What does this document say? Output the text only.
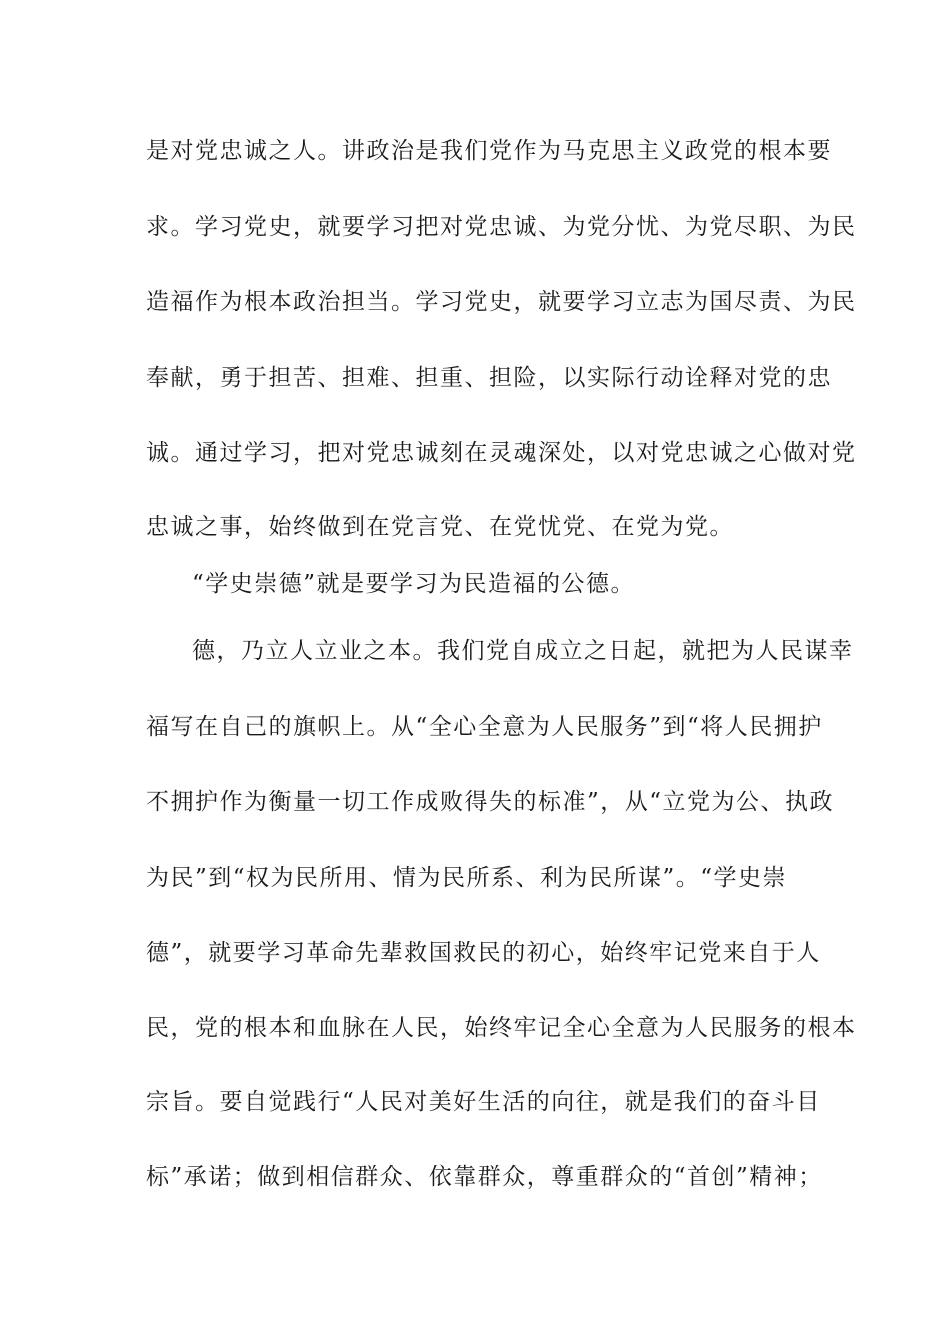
是对党忠诚之人。讲政治是我们党作为马克思主义政党的根本要
求。学习党史，就要学习把对党忠诚、为党分忧、为党尽职、为民
造福作为根本政治担当。学习党史，就要学习立志为国尽责、为民
奉献，勇于担苦、担难、担重、担险，以实际行动诠释对党的忠
诚。通过学习，把对党忠诚刻在灵魂深处，以对党忠诚之心做对党
忠诚之事，始终做到在党言党、在党忧党、在党为党。
“学史崇德”就是要学习为民造福的公德。
德，乃立人立业之本。我们党自成立之日起，就把为人民谋幸
福写在自己的旗帜上。从“全心全意为人民服务”到“将人民拥护
不拥护作为衡量一切工作成败得失的标准”，从“立党为公、执政
为民”到“权为民所用、情为民所系、利为民所谋”。“学史崇
德”，就要学习革命先辈救国救民的初心，始终牢记党来自于人
民，党的根本和血脉在人民，始终牢记全心全意为人民服务的根本
宗旨。要自觉践行“人民对美好生活的向往，就是我们的奋斗目
标”承诺；做到相信群众、依靠群众，尊重群众的“首创”精神；
